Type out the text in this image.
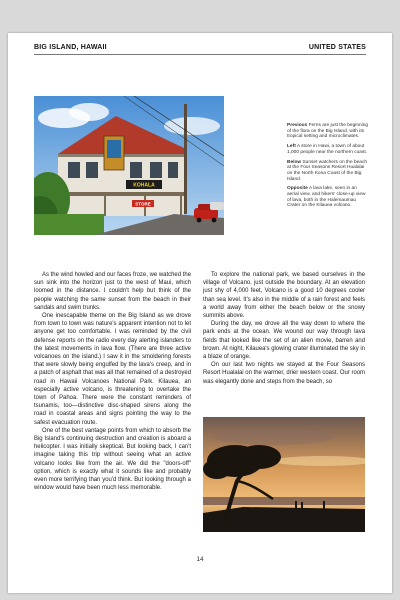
BIG ISLAND, HAWAII	UNITED STATES
KOHALA
STORE

Previous Ferns are just the beginning of the flora on the Big Island, with its tropical setting and microclimates.

Left A store in Hawi, a town of about 1,000 people near the northern coast.

Below Sunset watchers on the beach at the Four Seasons Resort Hualalai on the North Kona Coast of the Big Island.

Opposite A lava lake, seen in an aerial view, and hikers' close-up view of lava, both in the Halemaumau Crater on the Kilauea volcano.

As the wind howled and our faces froze, we watched the sun sink into the horizon just to the west of Maui, which loomed in the distance. I couldn't help but think of the people watching the same sunset from the beach in their sandals and swim trunks.

One inescapable theme on the Big Island as we drove from town to town was nature's apparent intention not to let anyone get too comfortable. I was reminded by the civil defense reports on the radio every day alerting islanders to the latest movements in lava flow. (There are three active volcanoes on the island.) I saw it in the smoldering forests that were slowly being engulfed by the lava's creep, and in a patch of asphalt that was all that remained of a destroyed road in Hawaii Volcanoes National Park. Kilauea, an especially active volcano, is threatening to overtake the town of Pahoa. There were the constant reminders of tsunamis, too—distinctive disc-shaped sirens along the road in coastal areas and signs pointing the way to the safest evacuation route.

One of the best vantage points from which to absorb the Big Island's continuing destruction and creation is aboard a helicopter. I was initially skeptical. But looking back, I can't imagine taking this trip without seeing what an active volcano looks like from the air. We did the "doors-off" option, which is exactly what it sounds like and probably even more terrifying than you'd think. But looking through a window would have been much less memorable.

To explore the national park, we based ourselves in the village of Volcano, just outside the boundary. At an elevation just shy of 4,000 feet, Volcano is a good 10 degrees cooler than sea level. It's also in the middle of a rain forest and feels a world away from either the beach below or the snowy summits above.

During the day, we drove all the way down to where the park ends at the ocean. We wound our way through lava fields that looked like the set of an alien movie, barren and brown. At night, Kilauea's glowing crater illuminated the sky in a blaze of orange.

On our last two nights we stayed at the Four Seasons Resort Hualalai on the warmer, drier western coast. Our room was elegantly done and steps from the beach, so

14
